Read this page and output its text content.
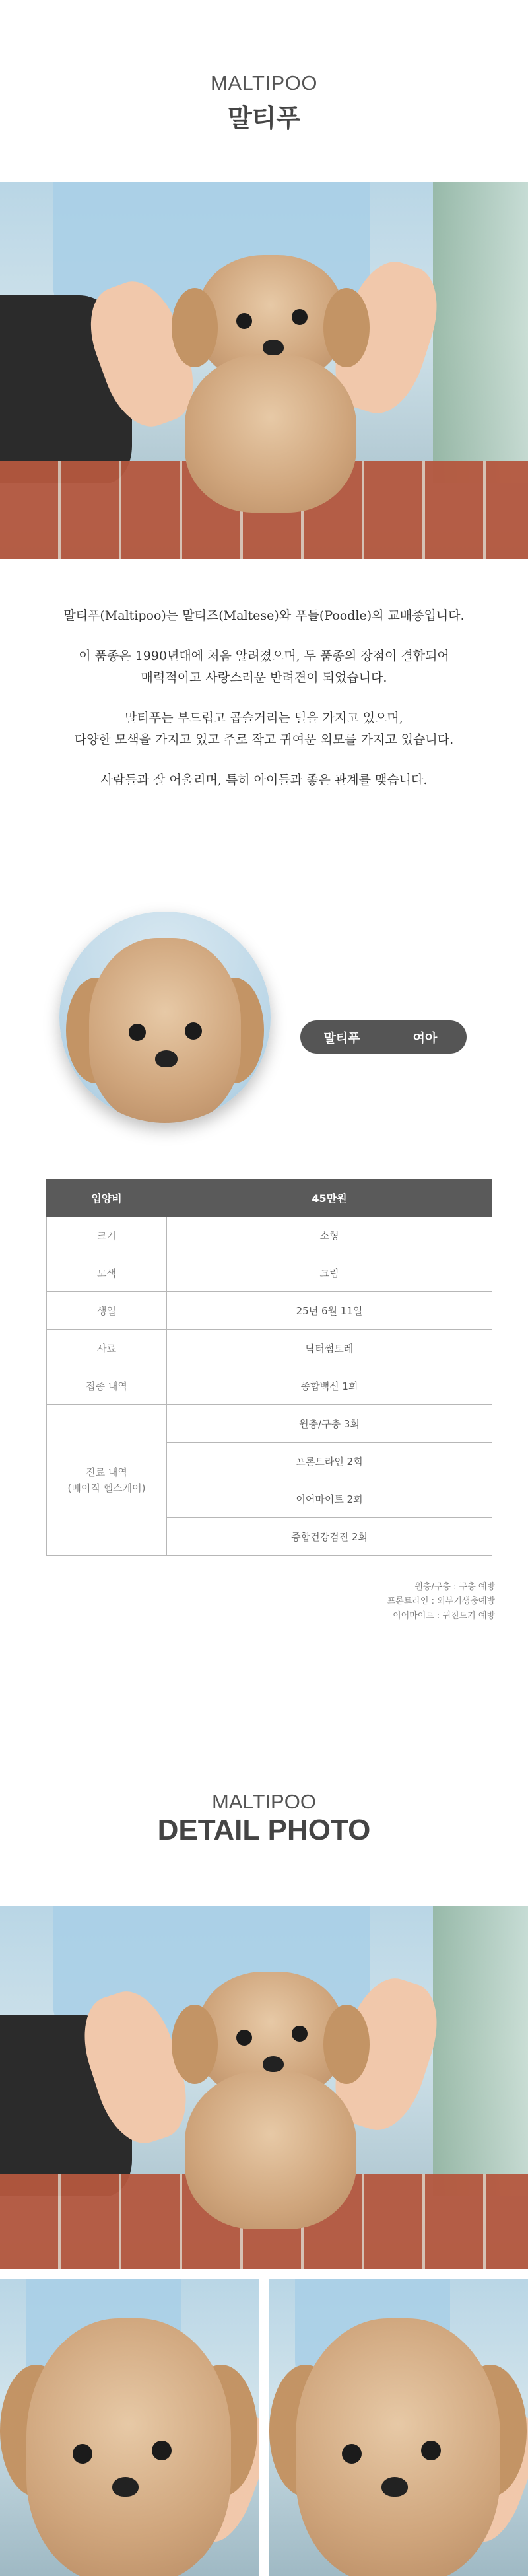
MALTIPOO
말티푸

말티푸(Maltipoo)는 말티즈(Maltese)와 푸들(Poodle)의 교배종입니다.

이 품종은 1990년대에 처음 알려졌으며, 두 품종의 장점이 결합되어
매력적이고 사랑스러운 반려견이 되었습니다.

말티푸는 부드럽고 곱슬거리는 털을 가지고 있으며,
다양한 모색을 가지고 있고 주로 작고 귀여운 외모를 가지고 있습니다.

사람들과 잘 어울리며, 특히 아이들과 좋은 관계를 맺습니다.

말티푸	여아
입양비	45만원
크기	소형
모색	크림
생일	25년 6월 11일
사료	닥터썸토레
접종 내역	종합백신 1회
진료 내역
(베이직 헬스케어)	원충/구충 3회
	프론트라인 2회
	이어마이트 2회
	종합건강검진 2회
원충/구충 : 구충 예방
프론트라인 : 외부기생충예방
이어마이트 : 귀진드기 예방
MALTIPOO
DETAIL PHOTO
